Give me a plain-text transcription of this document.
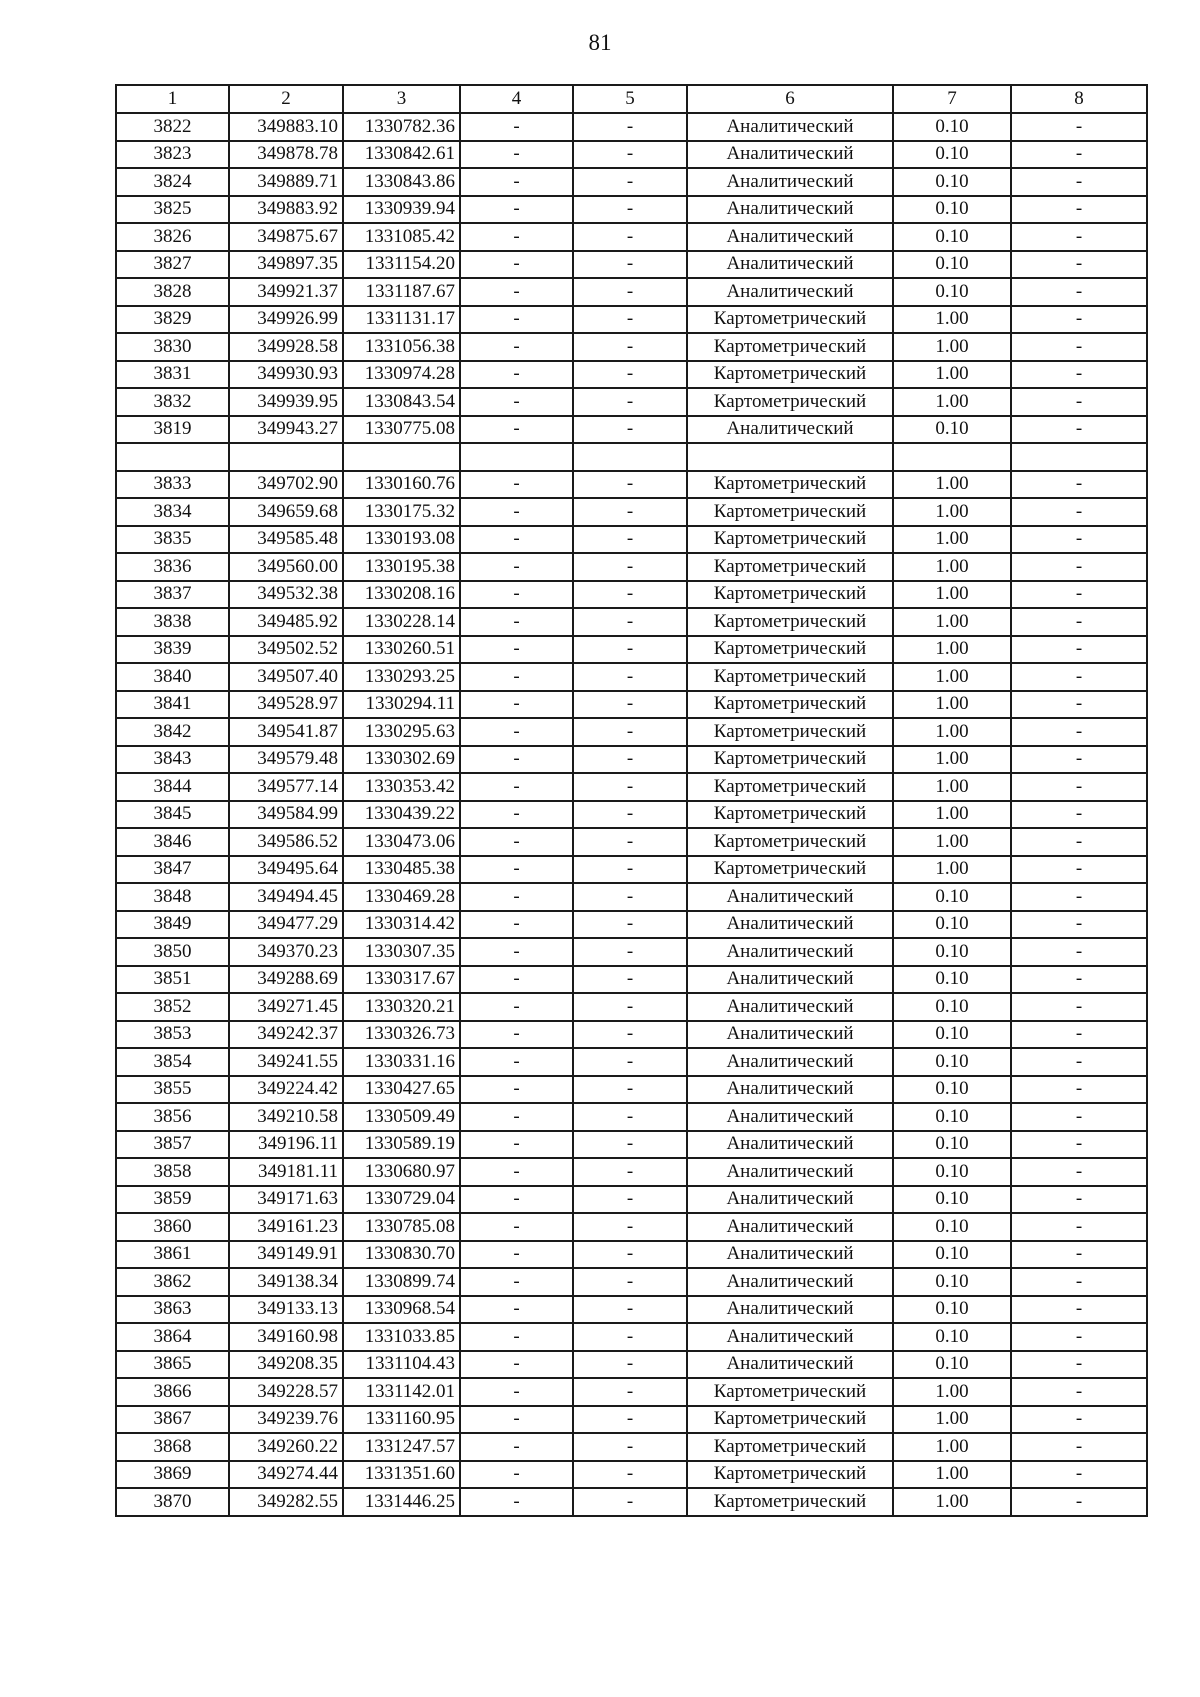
81
1	2	3	4	5	6	7	8
3822	349883.10	1330782.36	-	-	Аналитический	0.10	-
3823	349878.78	1330842.61	-	-	Аналитический	0.10	-
3824	349889.71	1330843.86	-	-	Аналитический	0.10	-
3825	349883.92	1330939.94	-	-	Аналитический	0.10	-
3826	349875.67	1331085.42	-	-	Аналитический	0.10	-
3827	349897.35	1331154.20	-	-	Аналитический	0.10	-
3828	349921.37	1331187.67	-	-	Аналитический	0.10	-
3829	349926.99	1331131.17	-	-	Картометрический	1.00	-
3830	349928.58	1331056.38	-	-	Картометрический	1.00	-
3831	349930.93	1330974.28	-	-	Картометрический	1.00	-
3832	349939.95	1330843.54	-	-	Картометрический	1.00	-
3819	349943.27	1330775.08	-	-	Аналитический	0.10	-

3833	349702.90	1330160.76	-	-	Картометрический	1.00	-
3834	349659.68	1330175.32	-	-	Картометрический	1.00	-
3835	349585.48	1330193.08	-	-	Картометрический	1.00	-
3836	349560.00	1330195.38	-	-	Картометрический	1.00	-
3837	349532.38	1330208.16	-	-	Картометрический	1.00	-
3838	349485.92	1330228.14	-	-	Картометрический	1.00	-
3839	349502.52	1330260.51	-	-	Картометрический	1.00	-
3840	349507.40	1330293.25	-	-	Картометрический	1.00	-
3841	349528.97	1330294.11	-	-	Картометрический	1.00	-
3842	349541.87	1330295.63	-	-	Картометрический	1.00	-
3843	349579.48	1330302.69	-	-	Картометрический	1.00	-
3844	349577.14	1330353.42	-	-	Картометрический	1.00	-
3845	349584.99	1330439.22	-	-	Картометрический	1.00	-
3846	349586.52	1330473.06	-	-	Картометрический	1.00	-
3847	349495.64	1330485.38	-	-	Картометрический	1.00	-
3848	349494.45	1330469.28	-	-	Аналитический	0.10	-
3849	349477.29	1330314.42	-	-	Аналитический	0.10	-
3850	349370.23	1330307.35	-	-	Аналитический	0.10	-
3851	349288.69	1330317.67	-	-	Аналитический	0.10	-
3852	349271.45	1330320.21	-	-	Аналитический	0.10	-
3853	349242.37	1330326.73	-	-	Аналитический	0.10	-
3854	349241.55	1330331.16	-	-	Аналитический	0.10	-
3855	349224.42	1330427.65	-	-	Аналитический	0.10	-
3856	349210.58	1330509.49	-	-	Аналитический	0.10	-
3857	349196.11	1330589.19	-	-	Аналитический	0.10	-
3858	349181.11	1330680.97	-	-	Аналитический	0.10	-
3859	349171.63	1330729.04	-	-	Аналитический	0.10	-
3860	349161.23	1330785.08	-	-	Аналитический	0.10	-
3861	349149.91	1330830.70	-	-	Аналитический	0.10	-
3862	349138.34	1330899.74	-	-	Аналитический	0.10	-
3863	349133.13	1330968.54	-	-	Аналитический	0.10	-
3864	349160.98	1331033.85	-	-	Аналитический	0.10	-
3865	349208.35	1331104.43	-	-	Аналитический	0.10	-
3866	349228.57	1331142.01	-	-	Картометрический	1.00	-
3867	349239.76	1331160.95	-	-	Картометрический	1.00	-
3868	349260.22	1331247.57	-	-	Картометрический	1.00	-
3869	349274.44	1331351.60	-	-	Картометрический	1.00	-
3870	349282.55	1331446.25	-	-	Картометрический	1.00	-
